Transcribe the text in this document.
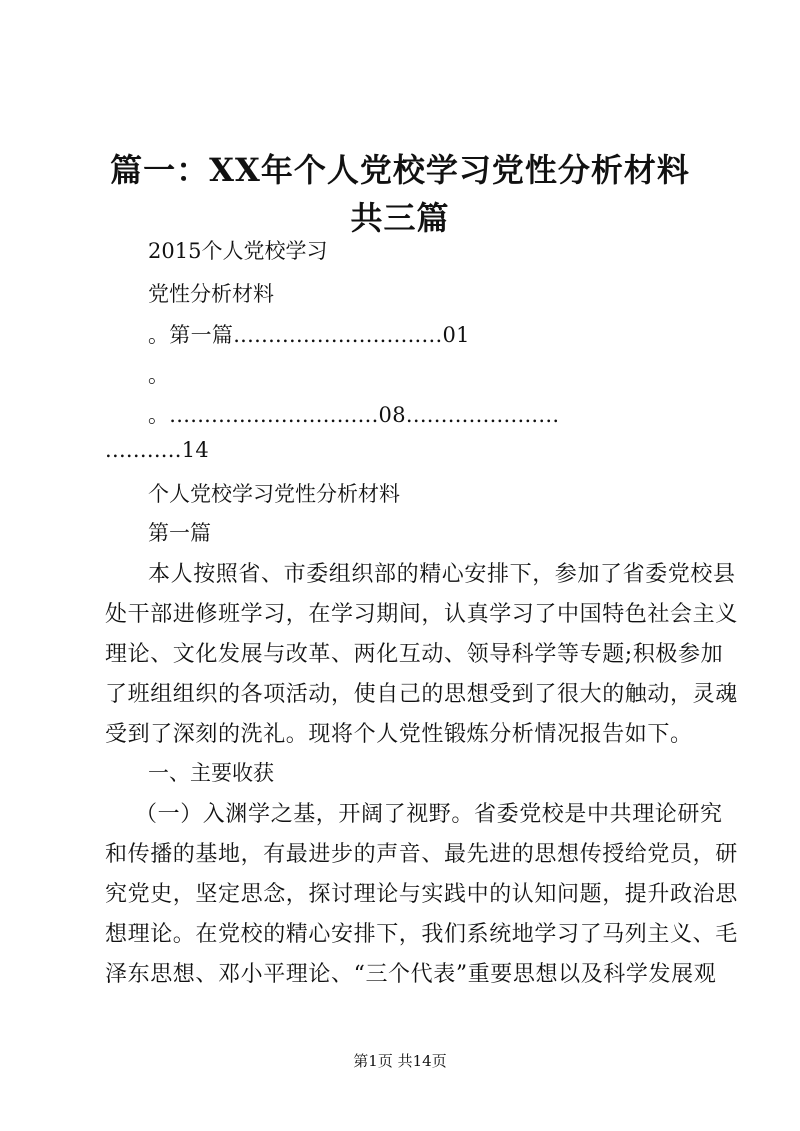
篇一：XX年个人党校学习党性分析材料共三篇
2015个人党校学习
党性分析材料
。第一篇..............................01
。
。..............................08......................
...........14
个人党校学习党性分析材料
第一篇
本人按照省、市委组织部的精心安排下，参加了省委党校县
处干部进修班学习，在学习期间，认真学习了中国特色社会主义
理论、文化发展与改革、两化互动、领导科学等专题;积极参加
了班组组织的各项活动，使自己的思想受到了很大的触动，灵魂
受到了深刻的洗礼。现将个人党性锻炼分析情况报告如下。
一、主要收获
（一）入渊学之基，开阔了视野。省委党校是中共理论研究
和传播的基地，有最进步的声音、最先进的思想传授给党员，研
究党史，坚定思念，探讨理论与实践中的认知问题，提升政治思
想理论。在党校的精心安排下，我们系统地学习了马列主义、毛
泽东思想、邓小平理论、“三个代表”重要思想以及科学发展观
第1页 共14页
